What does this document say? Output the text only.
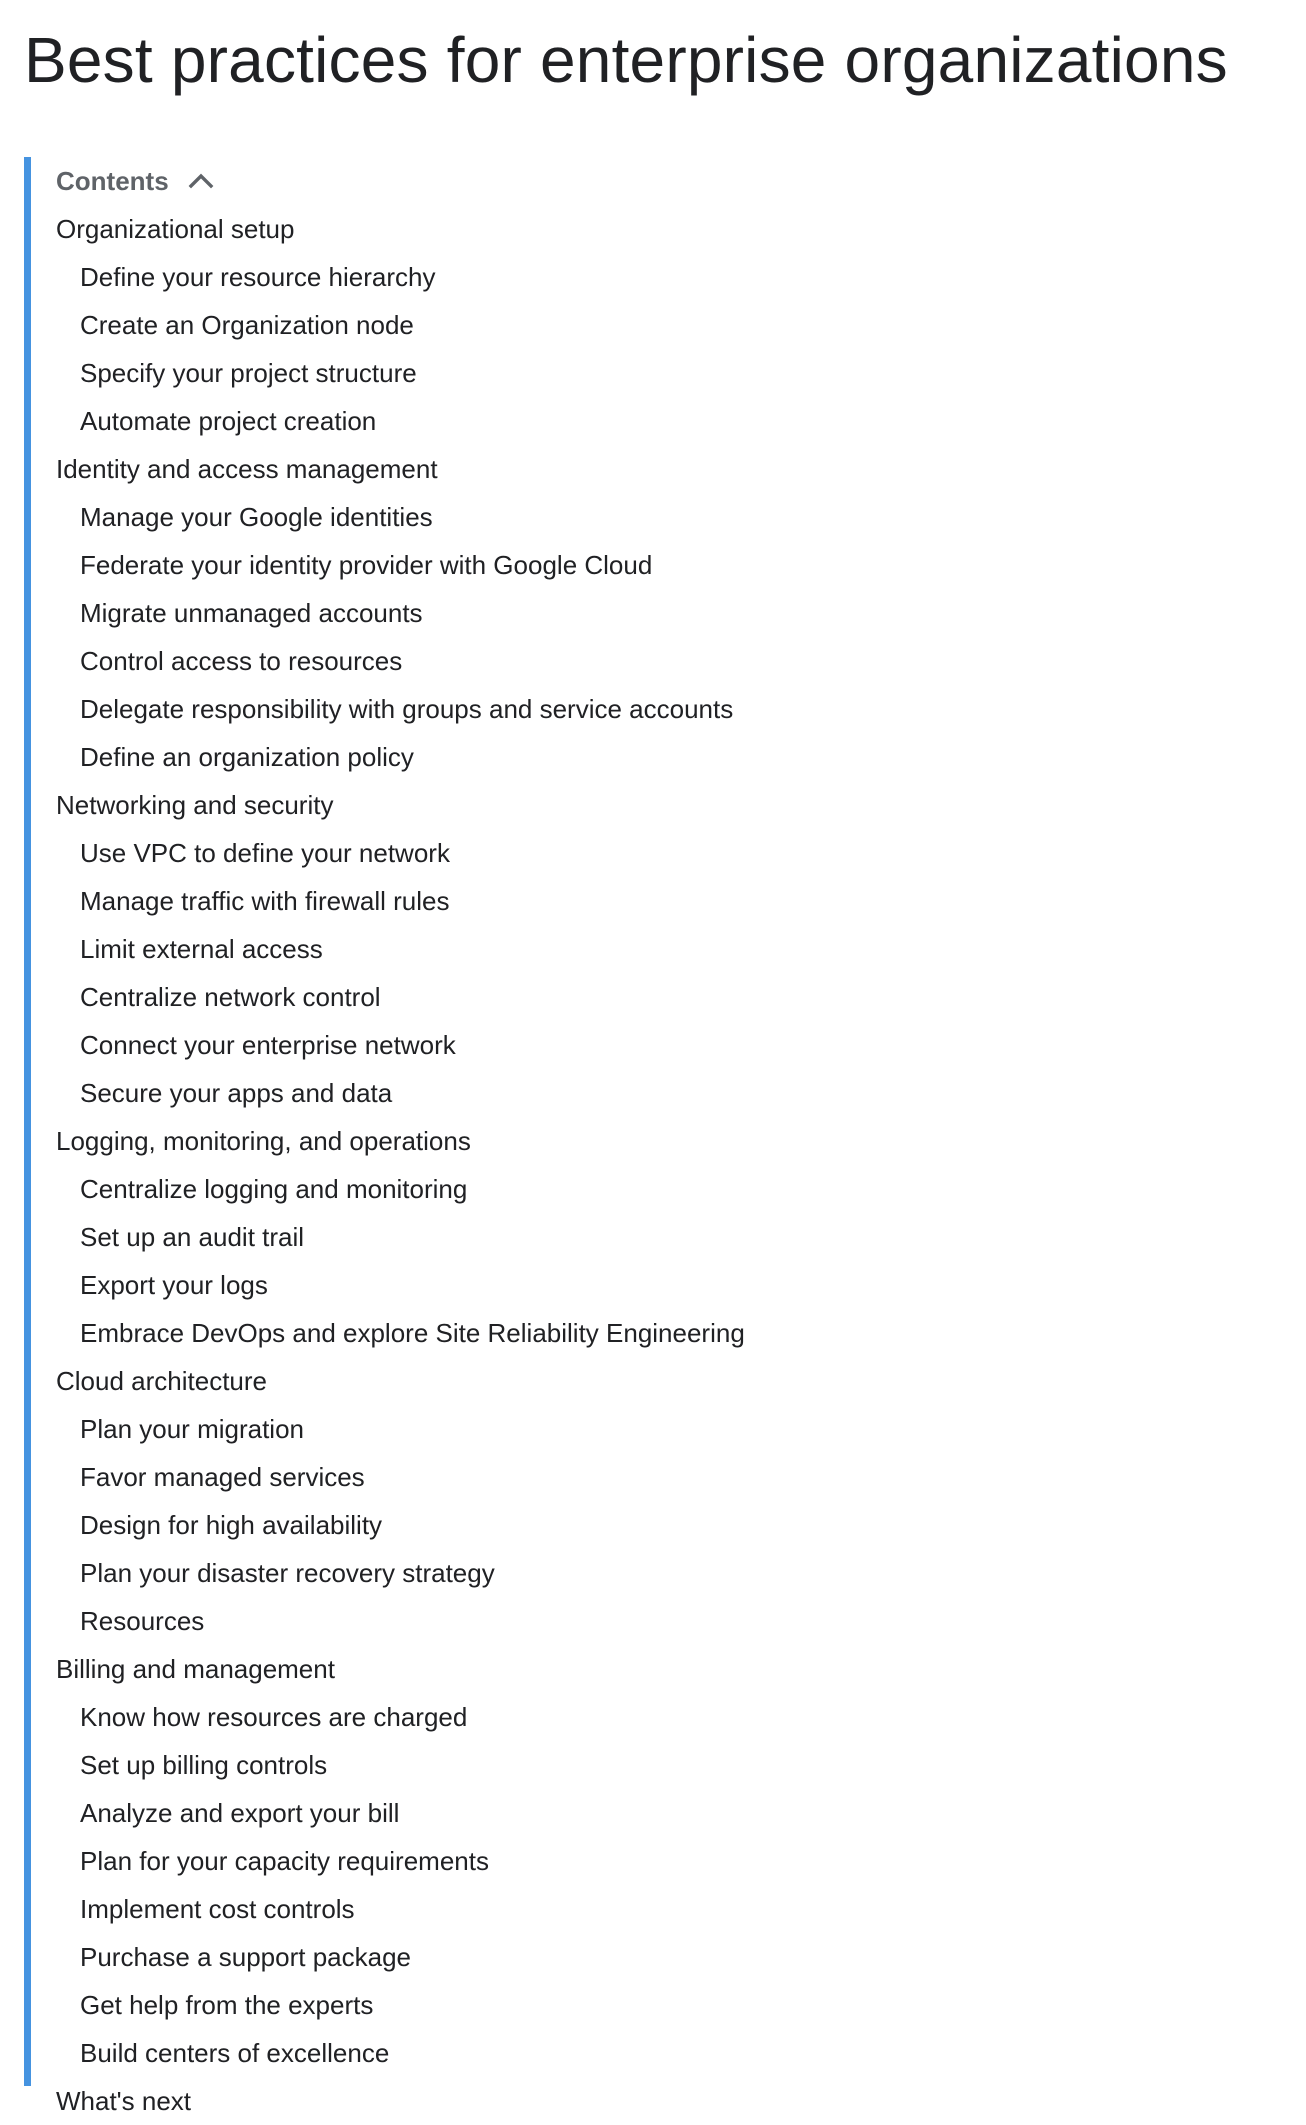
Best practices for enterprise organizations
Contents
Organizational setup
Define your resource hierarchy
Create an Organization node
Specify your project structure
Automate project creation
Identity and access management
Manage your Google identities
Federate your identity provider with Google Cloud
Migrate unmanaged accounts
Control access to resources
Delegate responsibility with groups and service accounts
Define an organization policy
Networking and security
Use VPC to define your network
Manage traffic with firewall rules
Limit external access
Centralize network control
Connect your enterprise network
Secure your apps and data
Logging, monitoring, and operations
Centralize logging and monitoring
Set up an audit trail
Export your logs
Embrace DevOps and explore Site Reliability Engineering
Cloud architecture
Plan your migration
Favor managed services
Design for high availability
Plan your disaster recovery strategy
Resources
Billing and management
Know how resources are charged
Set up billing controls
Analyze and export your bill
Plan for your capacity requirements
Implement cost controls
Purchase a support package
Get help from the experts
Build centers of excellence
What's next
